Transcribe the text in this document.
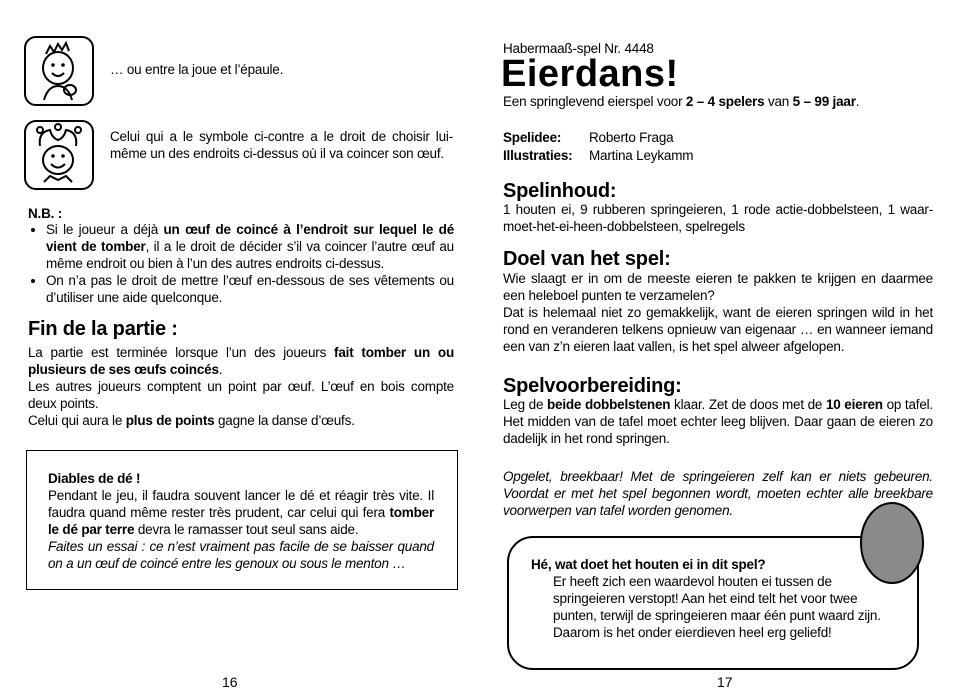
… ou entre la joue et l’épaule.
Celui qui a le symbole ci-contre a le droit de choisir lui-même un des endroits ci-dessus où il va coincer son œuf.
N.B. :
• Si le joueur a déjà un œuf de coincé à l’endroit sur lequel le dé vient de tomber, il a le droit de décider s’il va coincer l’autre œuf au même endroit ou bien à l’un des autres endroits ci-dessus.
• On n’a pas le droit de mettre l’œuf en-dessous de ses vêtements ou d’utiliser une aide quelconque.
Fin de la partie :
La partie est terminée lorsque l’un des joueurs fait tomber un ou plusieurs de ses œufs coincés.
Les autres joueurs comptent un point par œuf. L’œuf en bois compte deux points.
Celui qui aura le plus de points gagne la danse d’œufs.
Diables de dé !
Pendant le jeu, il faudra souvent lancer le dé et réagir très vite. Il faudra quand même rester très prudent, car celui qui fera tomber le dé par terre devra le ramasser tout seul sans aide.
Faites un essai : ce n’est vraiment pas facile de se baisser quand on a un œuf de coincé entre les genoux ou sous le menton …
16
Habermaaß-spel Nr. 4448
Eierdans!
Een springlevend eierspel voor 2 – 4 spelers van 5 – 99 jaar.
Spelidee: Roberto Fraga
Illustraties: Martina Leykamm
Spelinhoud:
1 houten ei, 9 rubberen springeieren, 1 rode actie-dobbelsteen, 1 waar-moet-het-ei-heen-dobbelsteen, spelregels
Doel van het spel:
Wie slaagt er in om de meeste eieren te pakken te krijgen en daarmee een heleboel punten te verzamelen?
Dat is helemaal niet zo gemakkelijk, want de eieren springen wild in het rond en veranderen telkens opnieuw van eigenaar … en wanneer iemand een van z’n eieren laat vallen, is het spel alweer afgelopen.
Spelvoorbereiding:
Leg de beide dobbelstenen klaar. Zet de doos met de 10 eieren op tafel. Het midden van de tafel moet echter leeg blijven. Daar gaan de eieren zo dadelijk in het rond springen.
Opgelet, breekbaar! Met de springeieren zelf kan er niets gebeuren. Voordat er met het spel begonnen wordt, moeten echter alle breekbare voorwerpen van tafel worden genomen.
Hé, wat doet het houten ei in dit spel?
Er heeft zich een waardevol houten ei tussen de springeieren verstopt! Aan het eind telt het voor twee punten, terwijl de springeieren maar één punt waard zijn. Daarom is het onder eierdieven heel erg geliefd!
17
